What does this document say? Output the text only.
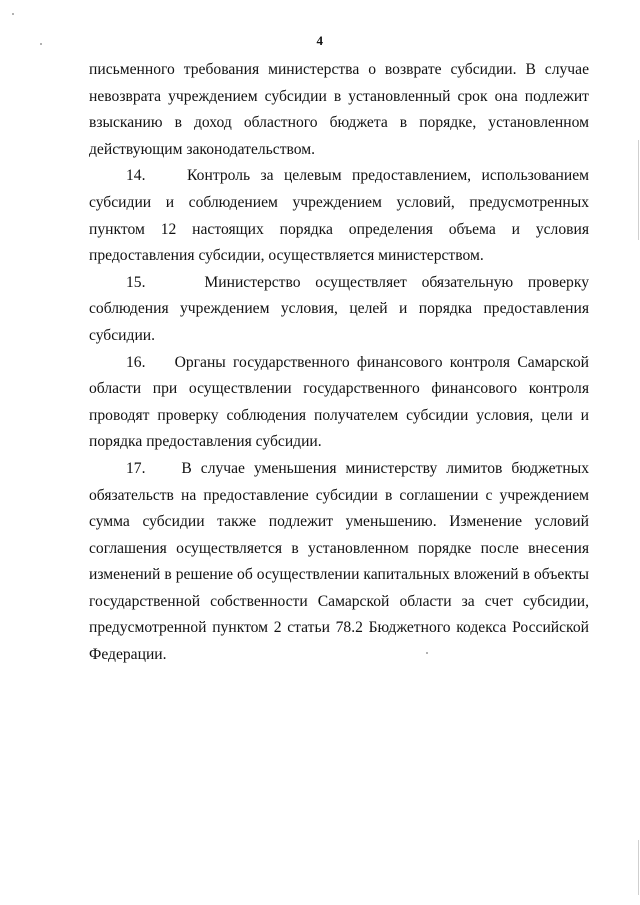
4

письменного требования министерства о возврате субсидии. В случае невозврата учреждением субсидии в установленный срок она подлежит взысканию в доход областного бюджета в порядке, установленном действующим законодательством.

14.    Контроль за целевым предоставлением, использованием субсидии и соблюдением учреждением условий, предусмотренных пунктом 12 настоящих порядка определения объема и условия предоставления субсидии, осуществляется министерством.

15.    Министерство осуществляет обязательную проверку соблюдения учреждением условия, целей и порядка предоставления субсидии.

16.    Органы государственного финансового контроля Самарской области при осуществлении государственного финансового контроля проводят проверку соблюдения получателем субсидии условия, цели и порядка предоставления субсидии.

17.    В случае уменьшения министерству лимитов бюджетных обязательств на предоставление субсидии в соглашении с учреждением сумма субсидии также подлежит уменьшению. Изменение условий соглашения осуществляется в установленном порядке после внесения изменений в решение об осуществлении капитальных вложений в объекты государственной собственности Самарской области за счет субсидии, предусмотренной пунктом 2 статьи 78.2 Бюджетного кодекса Российской Федерации.
